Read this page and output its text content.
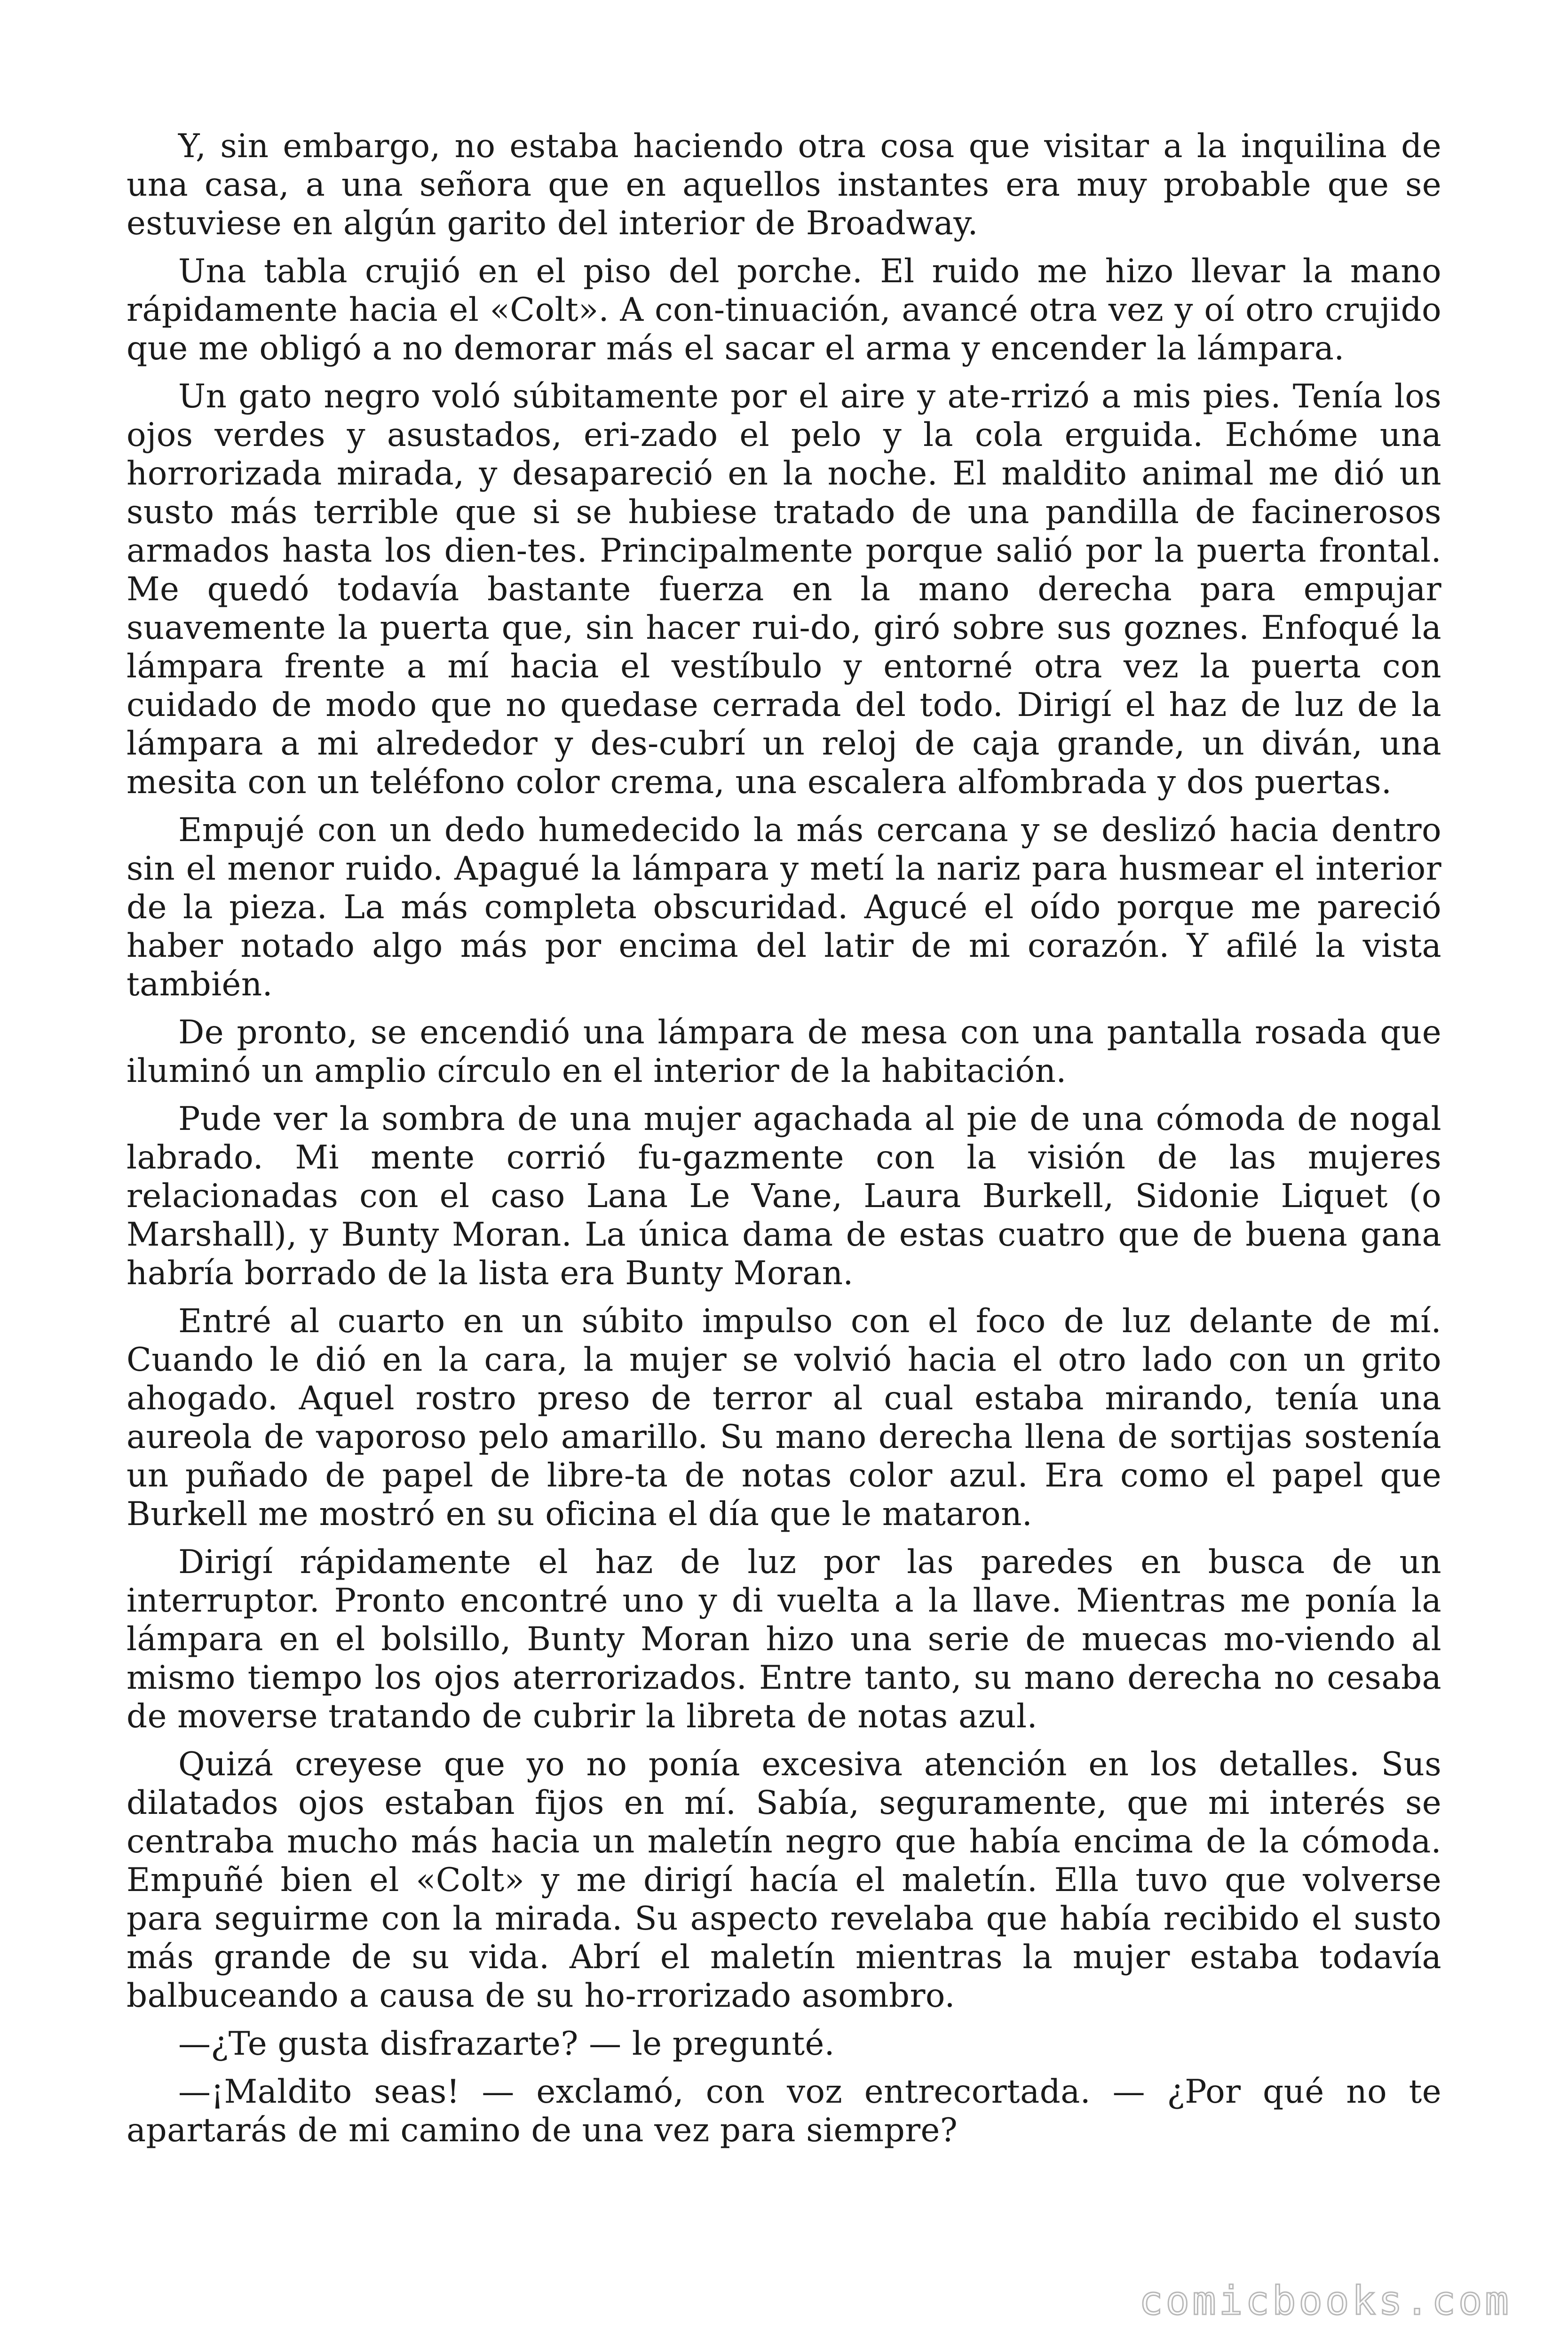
Y, sin embargo, no estaba haciendo otra cosa que visitar a la inquilina de una casa, a una señora que en aquellos instantes era muy probable que se estuviese en algún garito del interior de Broadway.

Una tabla crujió en el piso del porche. El ruido me hizo llevar la mano rápidamente hacia el «Colt». A con-tinuación, avancé otra vez y oí otro crujido que me obligó a no demorar más el sacar el arma y encender la lámpara.

Un gato negro voló súbitamente por el aire y ate-rrizó a mis pies. Tenía los ojos verdes y asustados, eri-zado el pelo y la cola erguida. Echóme una horrorizada mirada, y desapareció en la noche. El maldito animal me dió un susto más terrible que si se hubiese tratado de una pandilla de facinerosos armados hasta los dien-tes. Principalmente porque salió por la puerta frontal. Me quedó todavía bastante fuerza en la mano derecha para empujar suavemente la puerta que, sin hacer rui-do, giró sobre sus goznes. Enfoqué la lámpara frente a mí hacia el vestíbulo y entorné otra vez la puerta con cuidado de modo que no quedase cerrada del todo. Dirigí el haz de luz de la lámpara a mi alrededor y des-cubrí un reloj de caja grande, un diván, una mesita con un teléfono color crema, una escalera alfombrada y dos puertas.

Empujé con un dedo humedecido la más cercana y se deslizó hacia dentro sin el menor ruido. Apagué la lámpara y metí la nariz para husmear el interior de la pieza. La más completa obscuridad. Agucé el oído porque me pareció haber notado algo más por encima del latir de mi corazón. Y afilé la vista también.

De pronto, se encendió una lámpara de mesa con una pantalla rosada que iluminó un amplio círculo en el interior de la habitación.

Pude ver la sombra de una mujer agachada al pie de una cómoda de nogal labrado. Mi mente corrió fu-gazmente con la visión de las mujeres relacionadas con el caso Lana Le Vane, Laura Burkell, Sidonie Liquet (o Marshall), y Bunty Moran. La única dama de estas cuatro que de buena gana habría borrado de la lista era Bunty Moran.

Entré al cuarto en un súbito impulso con el foco de luz delante de mí. Cuando le dió en la cara, la mujer se volvió hacia el otro lado con un grito ahogado. Aquel rostro preso de terror al cual estaba mirando, tenía una aureola de vaporoso pelo amarillo. Su mano derecha llena de sortijas sostenía un puñado de papel de libre-ta de notas color azul. Era como el papel que Burkell me mostró en su oficina el día que le mataron.

Dirigí rápidamente el haz de luz por las paredes en busca de un interruptor. Pronto encontré uno y di vuelta a la llave. Mientras me ponía la lámpara en el bolsillo, Bunty Moran hizo una serie de muecas mo-viendo al mismo tiempo los ojos aterrorizados. Entre tanto, su mano derecha no cesaba de moverse tratando de cubrir la libreta de notas azul.

Quizá creyese que yo no ponía excesiva atención en los detalles. Sus dilatados ojos estaban fijos en mí. Sabía, seguramente, que mi interés se centraba mucho más hacia un maletín negro que había encima de la cómoda. Empuñé bien el «Colt» y me dirigí hacía el maletín. Ella tuvo que volverse para seguirme con la mirada. Su aspecto revelaba que había recibido el susto más grande de su vida. Abrí el maletín mientras la mujer estaba todavía balbuceando a causa de su ho-rrorizado asombro.

—¿Te gusta disfrazarte? — le pregunté.

—¡Maldito seas! — exclamó, con voz entrecortada. — ¿Por qué no te apartarás de mi camino de una vez para siempre?

comicbooks.com
